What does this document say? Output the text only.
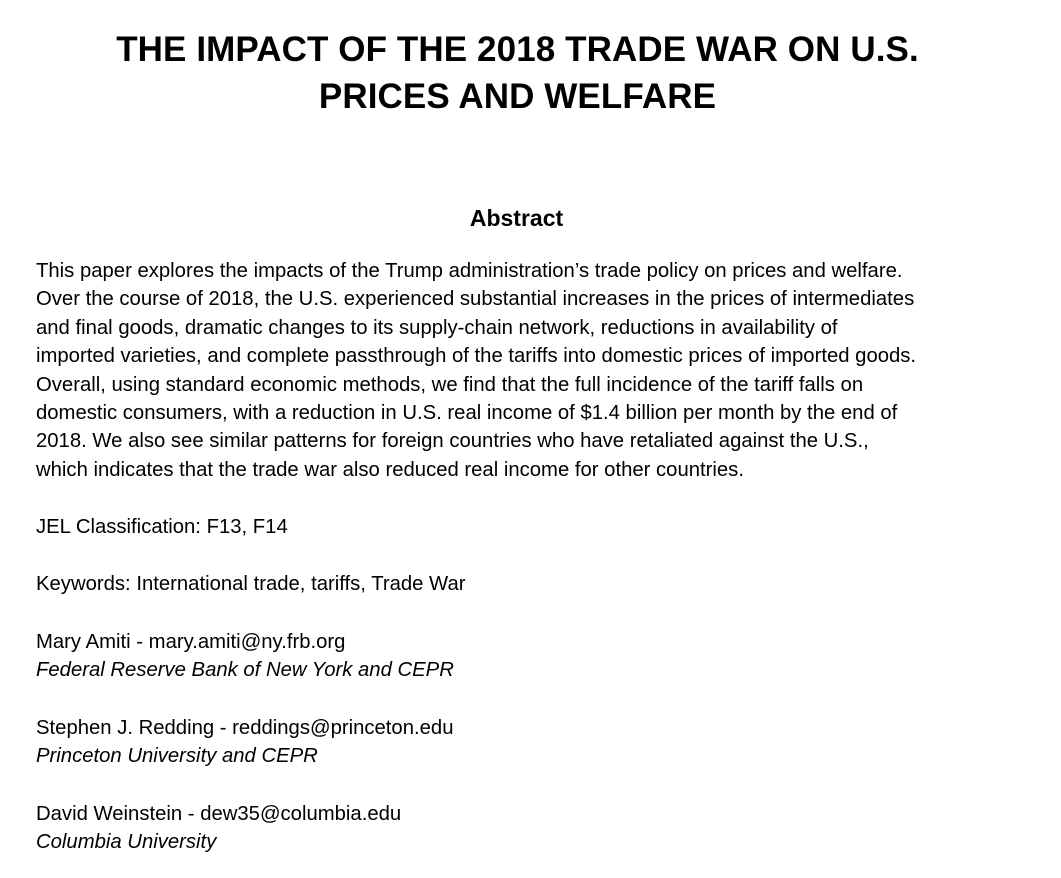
THE IMPACT OF THE 2018 TRADE WAR ON U.S.
PRICES AND WELFARE
Abstract

This paper explores the impacts of the Trump administration’s trade policy on prices and welfare.
Over the course of 2018, the U.S. experienced substantial increases in the prices of intermediates
and final goods, dramatic changes to its supply-chain network, reductions in availability of
imported varieties, and complete passthrough of the tariffs into domestic prices of imported goods.
Overall, using standard economic methods, we find that the full incidence of the tariff falls on
domestic consumers, with a reduction in U.S. real income of $1.4 billion per month by the end of
2018. We also see similar patterns for foreign countries who have retaliated against the U.S.,
which indicates that the trade war also reduced real income for other countries.

JEL Classification: F13, F14

Keywords: International trade, tariffs, Trade War

Mary Amiti - mary.amiti@ny.frb.org
Federal Reserve Bank of New York and CEPR
Stephen J. Redding - reddings@princeton.edu
Princeton University and CEPR
David Weinstein - dew35@columbia.edu
Columbia University
